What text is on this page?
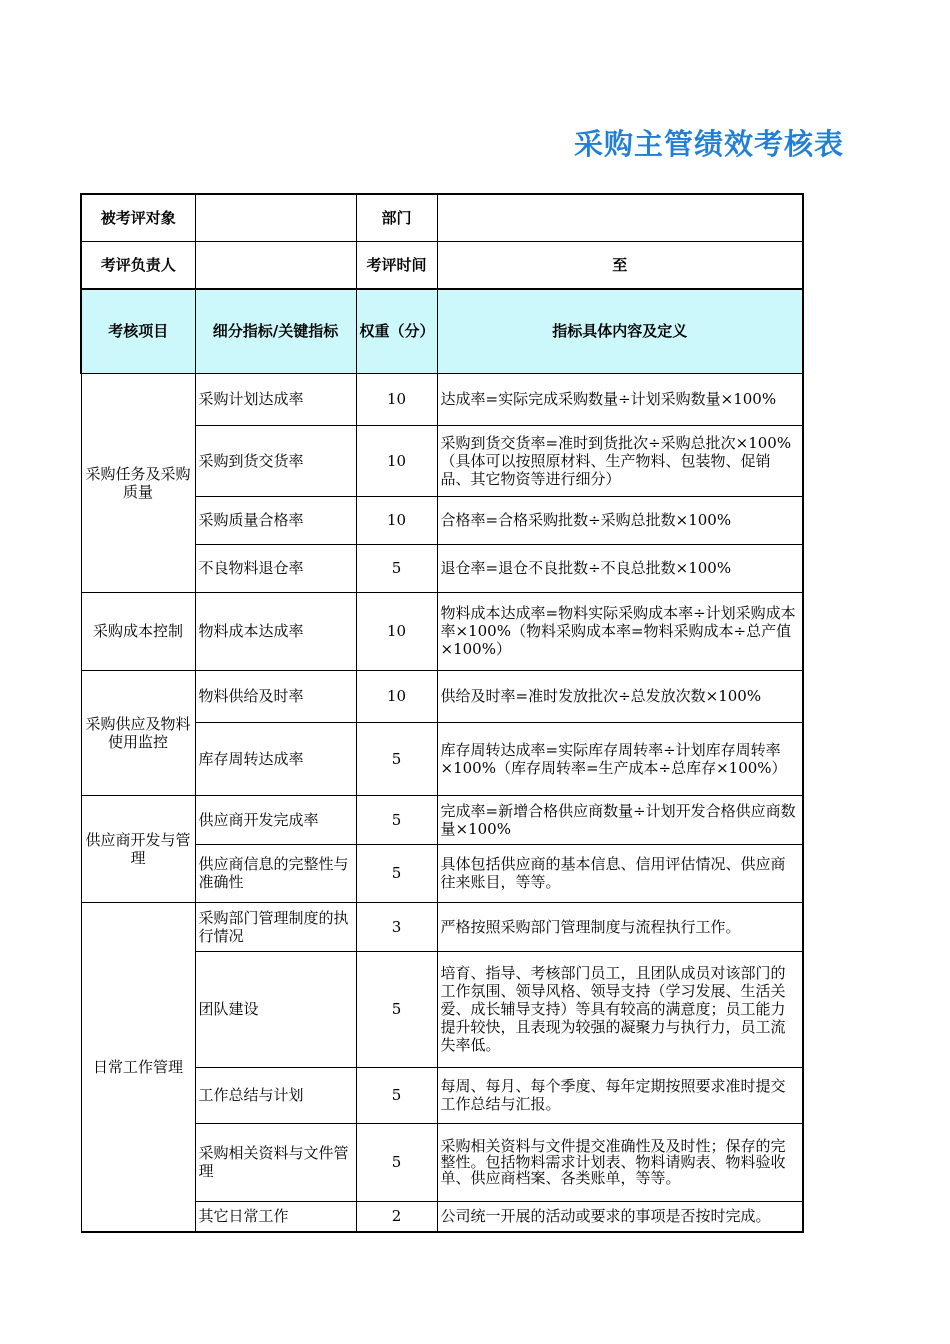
采购主管绩效考核表
被考评对象		部门	
考评负责人		考评时间	至
考核项目	细分指标/关键指标	权重（分）	指标具体内容及定义
采购任务及采购质量	采购计划达成率	10	达成率=实际完成采购数量÷计划采购数量×100%
	采购到货交货率	10	采购到货交货率=准时到货批次÷采购总批次×100%（具体可以按照原材料、生产物料、包装物、促销品、其它物资等进行细分）
	采购质量合格率	10	合格率=合格采购批数÷采购总批数×100%
	不良物料退仓率	5	退仓率=退仓不良批数÷不良总批数×100%
采购成本控制	物料成本达成率	10	物料成本达成率=物料实际采购成本率÷计划采购成本率×100%（物料采购成本率=物料采购成本÷总产值×100%）
采购供应及物料使用监控	物料供给及时率	10	供给及时率=准时发放批次÷总发放次数×100%
	库存周转达成率	5	库存周转达成率=实际库存周转率÷计划库存周转率×100%（库存周转率=生产成本÷总库存×100%）
供应商开发与管理	供应商开发完成率	5	完成率=新增合格供应商数量÷计划开发合格供应商数量×100%
	供应商信息的完整性与准确性	5	具体包括供应商的基本信息、信用评估情况、供应商往来账目，等等。
日常工作管理	采购部门管理制度的执行情况	3	严格按照采购部门管理制度与流程执行工作。
	团队建设	5	培育、指导、考核部门员工，且团队成员对该部门的工作氛围、领导风格、领导支持（学习发展、生活关爱、成长辅导支持）等具有较高的满意度；员工能力提升较快，且表现为较强的凝聚力与执行力，员工流失率低。
	工作总结与计划	5	每周、每月、每个季度、每年定期按照要求准时提交工作总结与汇报。
	采购相关资料与文件管理	5	采购相关资料与文件提交准确性及及时性；保存的完整性。包括物料需求计划表、物料请购表、物料验收单、供应商档案、各类账单，等等。
	其它日常工作	2	公司统一开展的活动或要求的事项是否按时完成。
